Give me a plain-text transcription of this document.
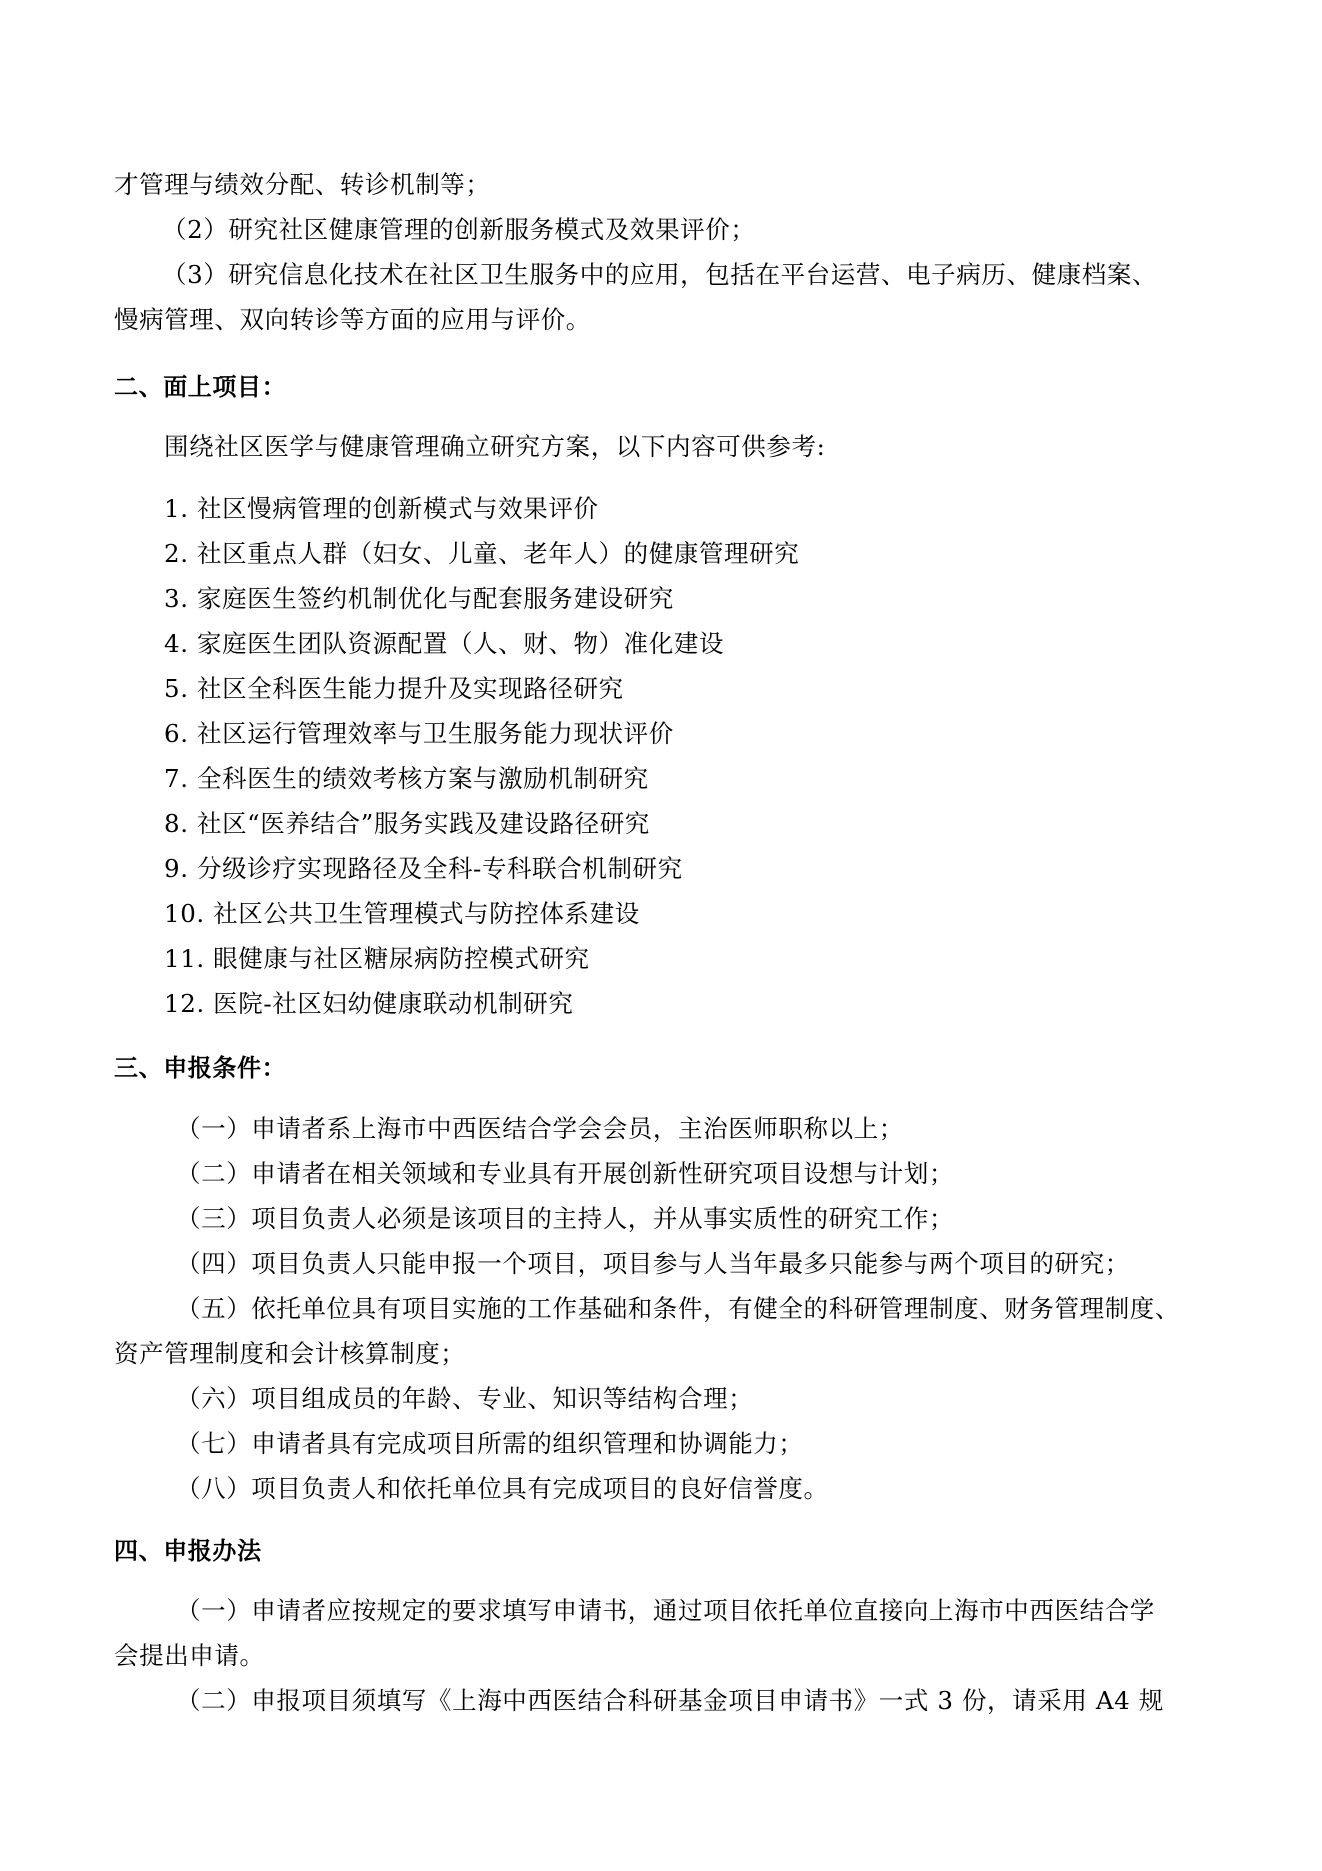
才管理与绩效分配、转诊机制等；
（2）研究社区健康管理的创新服务模式及效果评价；
（3）研究信息化技术在社区卫生服务中的应用，包括在平台运营、电子病历、健康档案、
慢病管理、双向转诊等方面的应用与评价。
二、面上项目：
围绕社区医学与健康管理确立研究方案，以下内容可供参考:
1. 社区慢病管理的创新模式与效果评价
2. 社区重点人群（妇女、儿童、老年人）的健康管理研究
3. 家庭医生签约机制优化与配套服务建设研究
4. 家庭医生团队资源配置（人、财、物）准化建设
5. 社区全科医生能力提升及实现路径研究
6. 社区运行管理效率与卫生服务能力现状评价
7. 全科医生的绩效考核方案与激励机制研究
8. 社区“医养结合”服务实践及建设路径研究
9. 分级诊疗实现路径及全科-专科联合机制研究
10. 社区公共卫生管理模式与防控体系建设
11. 眼健康与社区糖尿病防控模式研究
12. 医院-社区妇幼健康联动机制研究
三、申报条件：
（一）申请者系上海市中西医结合学会会员，主治医师职称以上；
（二）申请者在相关领域和专业具有开展创新性研究项目设想与计划；
（三）项目负责人必须是该项目的主持人，并从事实质性的研究工作；
（四）项目负责人只能申报一个项目，项目参与人当年最多只能参与两个项目的研究；
（五）依托单位具有项目实施的工作基础和条件，有健全的科研管理制度、财务管理制度、
资产管理制度和会计核算制度；
（六）项目组成员的年龄、专业、知识等结构合理；
（七）申请者具有完成项目所需的组织管理和协调能力；
（八）项目负责人和依托单位具有完成项目的良好信誉度。
四、申报办法
（一）申请者应按规定的要求填写申请书，通过项目依托单位直接向上海市中西医结合学
会提出申请。
（二）申报项目须填写《上海中西医结合科研基金项目申请书》一式 3 份，请采用 A4 规
